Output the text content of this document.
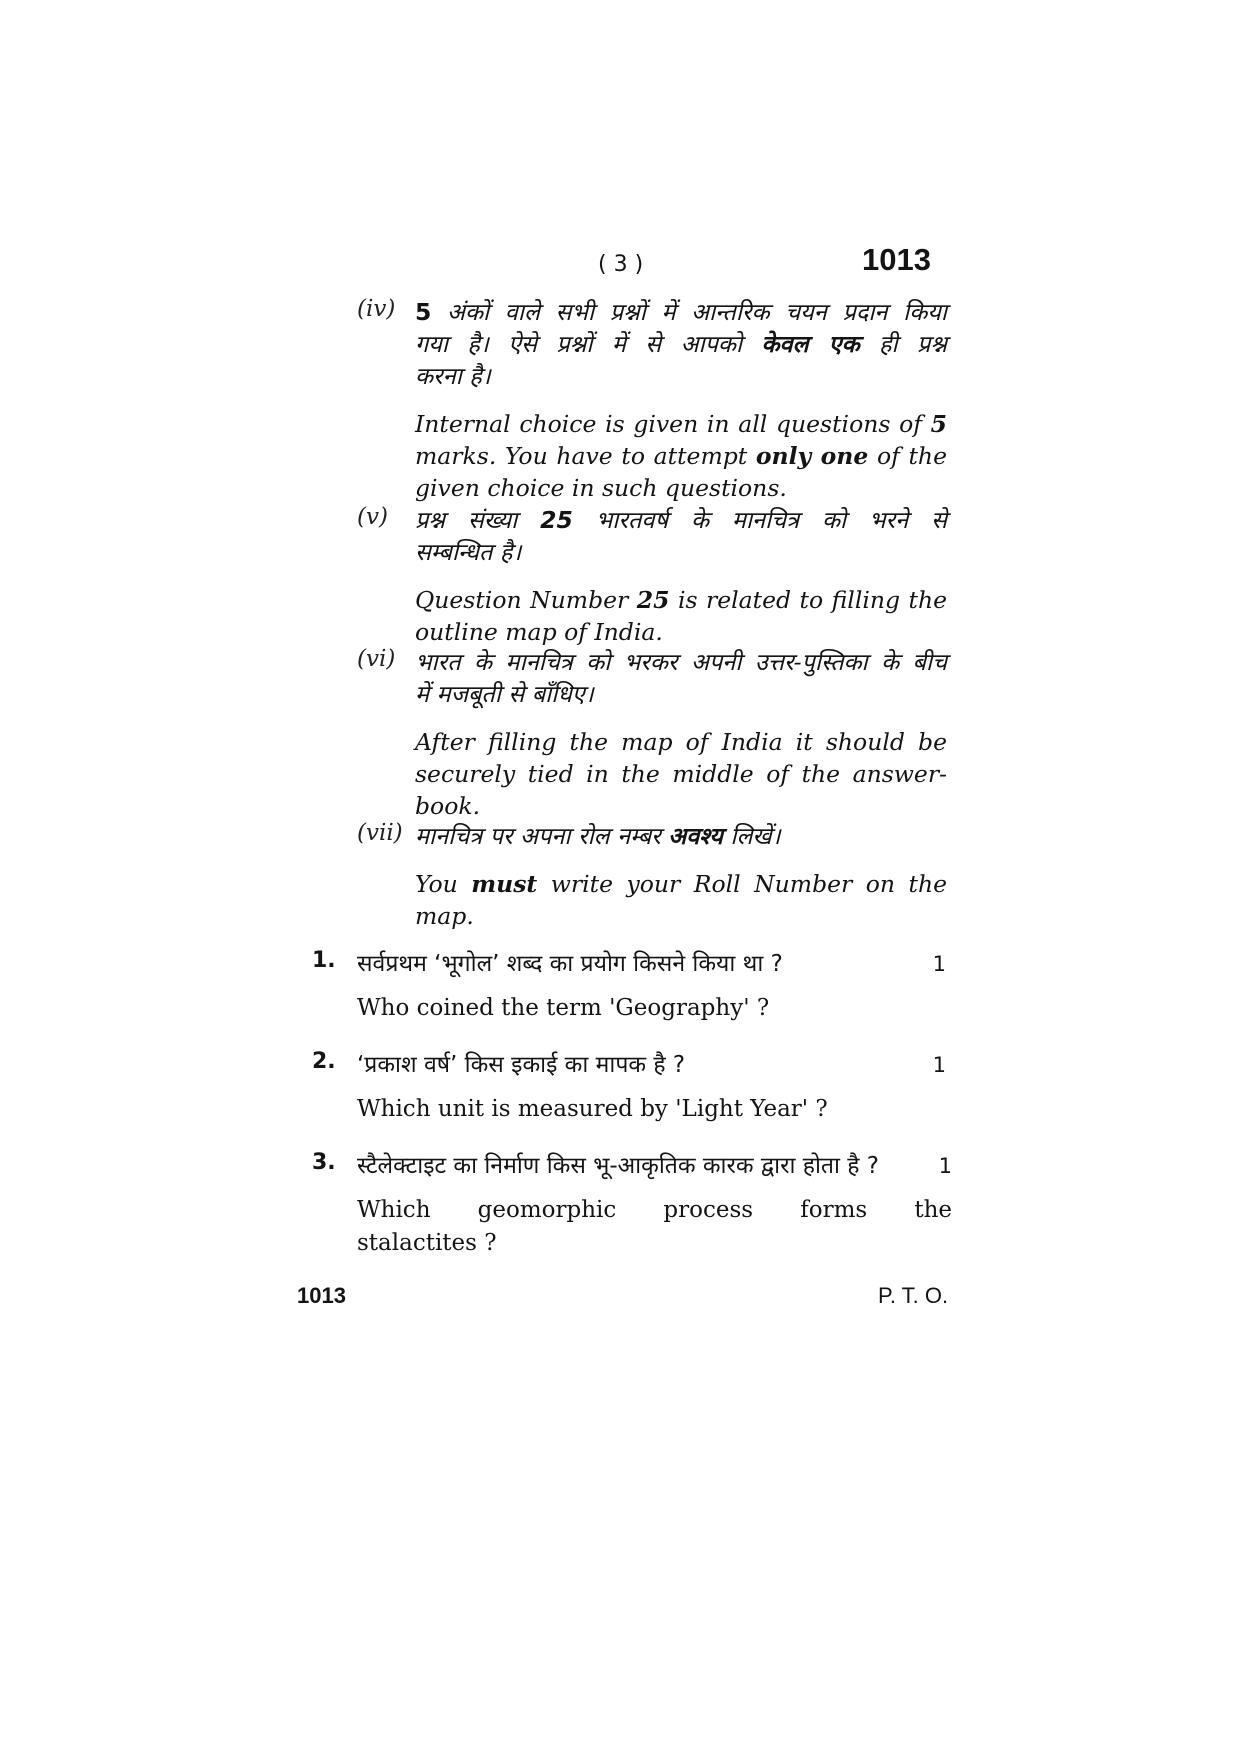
( 3 )	1013
(iv) 5 अंकों वाले सभी प्रश्नों में आन्तरिक चयन प्रदान किया
गया है। ऐसे प्रश्नों में से आपको केवल एक ही प्रश्न
करना है।
Internal choice is given in all questions of 5 marks. You have to attempt only one of the given choice in such questions.
(v) प्रश्न संख्या 25 भारतवर्ष के मानचित्र को भरने से
सम्बन्धित है।
Question Number 25 is related to filling the outline map of India.
(vi) भारत के मानचित्र को भरकर अपनी उत्तर-पुस्तिका के बीच
में मजबूती से बाँधिए।
After filling the map of India it should be securely tied in the middle of the answer-book.
(vii) मानचित्र पर अपना रोल नम्बर अवश्य लिखें।
You must write your Roll Number on the map.
1. सर्वप्रथम ‘भूगोल’ शब्द का प्रयोग किसने किया था ?	1
Who coined the term 'Geography' ?
2. ‘प्रकाश वर्ष’ किस इकाई का मापक है ?	1
Which unit is measured by 'Light Year' ?
3. स्टैलेक्टाइट का निर्माण किस भू-आकृतिक कारक द्वारा होता है ?	1
Which geomorphic process forms the
stalactites ?
1013	P. T. O.
